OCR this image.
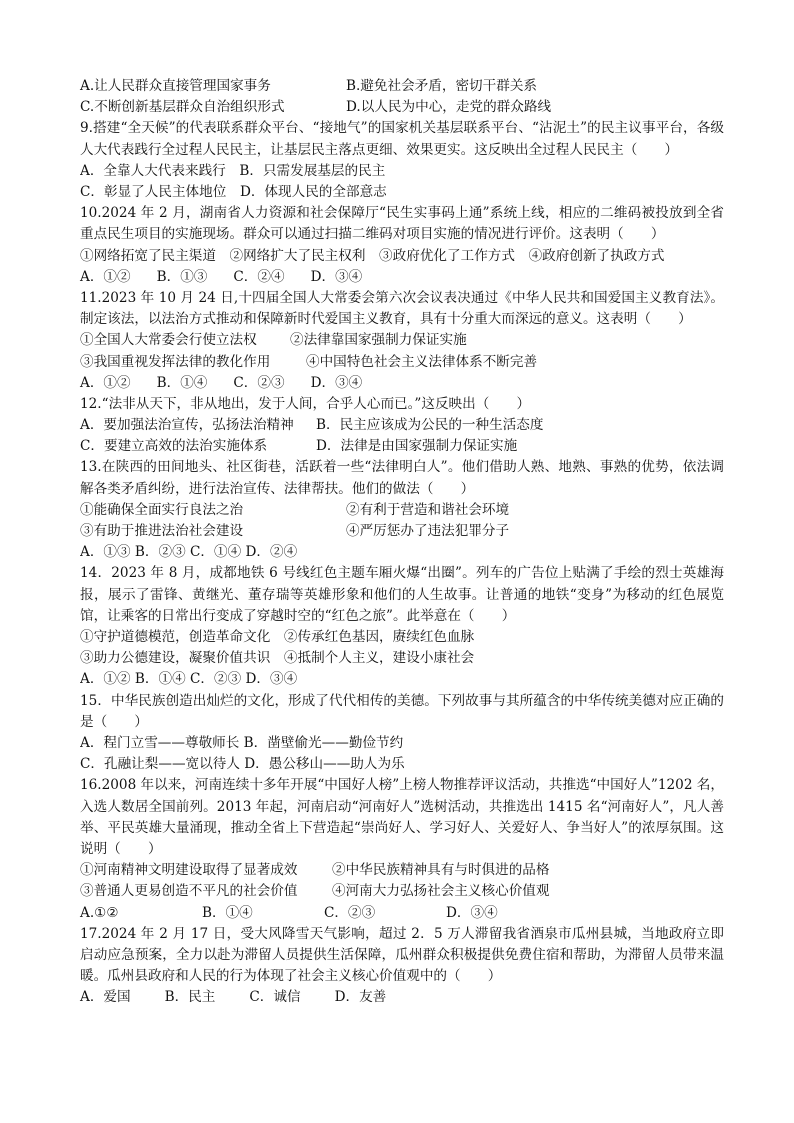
A.让人民群众直接管理国家事务	B.避免社会矛盾，密切干群关系
C.不断创新基层群众自治组织形式	D.以人民为中心，走党的群众路线
9.搭建“全天候”的代表联系群众平台、“接地气”的国家机关基层联系平台、“沾泥土”的民主议事平台，各级人大代表践行全过程人民民主，让基层民主落点更细、效果更实。这反映出全过程人民民主（　　）
A．全靠人大代表来践行　 B．只需发展基层的民主
C．彰显了人民主体地位　 D．体现人民的全部意志
10.2024 年 2 月，湖南省人力资源和社会保障厅“民生实事码上通”系统上线，相应的二维码被投放到全省重点民生项目的实施现场。群众可以通过扫描二维码对项目实施的情况进行评价。这表明（　　）
①网络拓宽了民主渠道　②网络扩大了民主权利　③政府优化了工作方式　④政府创新了执政方式
A．①② B．①③ C．②④ D．③④
11.2023 年 10 月 24 日,十四届全国人大常委会第六次会议表决通过《中华人民共和国爱国主义教育法》。制定该法，以法治方式推动和保障新时代爱国主义教育，具有十分重大而深远的意义。这表明（　　）
①全国人大常委会行使立法权	②法律靠国家强制力保证实施
③我国重视发挥法律的教化作用	④中国特色社会主义法律体系不断完善
A．①② B．①④ C．②③ D．③④
12.“法非从天下，非从地出，发于人间，合乎人心而已。”这反映出（　　）
A．要加强法治宣传，弘扬法治精神	B．民主应该成为公民的一种生活态度
C．要建立高效的法治实施体系	D．法律是由国家强制力保证实施
13.在陕西的田间地头、社区街巷，活跃着一些“法律明白人”。他们借助人熟、地熟、事熟的优势，依法调解各类矛盾纠纷，进行法治宣传、法律帮扶。他们的做法（　　）
①能确保全面实行良法之治	②有利于营造和谐社会环境
③有助于推进法治社会建设	④严厉惩办了违法犯罪分子
A．①③ B．②③ C．①④ D．②④
14．2023 年 8 月，成都地铁 6 号线红色主题车厢火爆“出圈”。列车的广告位上贴满了手绘的烈士英雄海报，展示了雷锋、黄继光、董存瑞等英雄形象和他们的人生故事。让普通的地铁“变身”为移动的红色展览馆，让乘客的日常出行变成了穿越时空的“红色之旅”。此举意在（　　）
①守护道德模范，创造革命文化　②传承红色基因，赓续红色血脉
③助力公德建设，凝聚价值共识　④抵制个人主义，建设小康社会
A．①② B．①④ C．②③ D．③④
15．中华民族创造出灿烂的文化，形成了代代相传的美德。下列故事与其所蕴含的中华传统美德对应正确的是（　　）
A．程门立雪——尊敬师长 B．凿壁偷光——勤俭节约
C．孔融让梨——宽以待人 D．愚公移山——助人为乐
16.2008 年以来，河南连续十多年开展“中国好人榜”上榜人物推荐评议活动，共推选“中国好人”1202 名，入选人数居全国前列。2013 年起，河南启动“河南好人”选树活动，共推选出 1415 名“河南好人”，凡人善举、平民英雄大量涌现，推动全省上下营造起“崇尚好人、学习好人、关爱好人、争当好人”的浓厚氛围。这说明（　　）
①河南精神文明建设取得了显著成效	②中华民族精神具有与时俱进的品格
③普通人更易创造不平凡的社会价值	④河南大力弘扬社会主义核心价值观
A.①②	B．①④	C．②③	D．③④
17.2024 年 2 月 17 日，受大风降雪天气影响，超过 2．5 万人滞留我省酒泉市瓜州县城，当地政府立即启动应急预案，全力以赴为滞留人员提供生活保障，瓜州群众积极提供免费住宿和帮助，为滞留人员带来温暖。瓜州县政府和人民的行为体现了社会主义核心价值观中的（　　）
A．爱国	B．民主	C．诚信	D．友善
